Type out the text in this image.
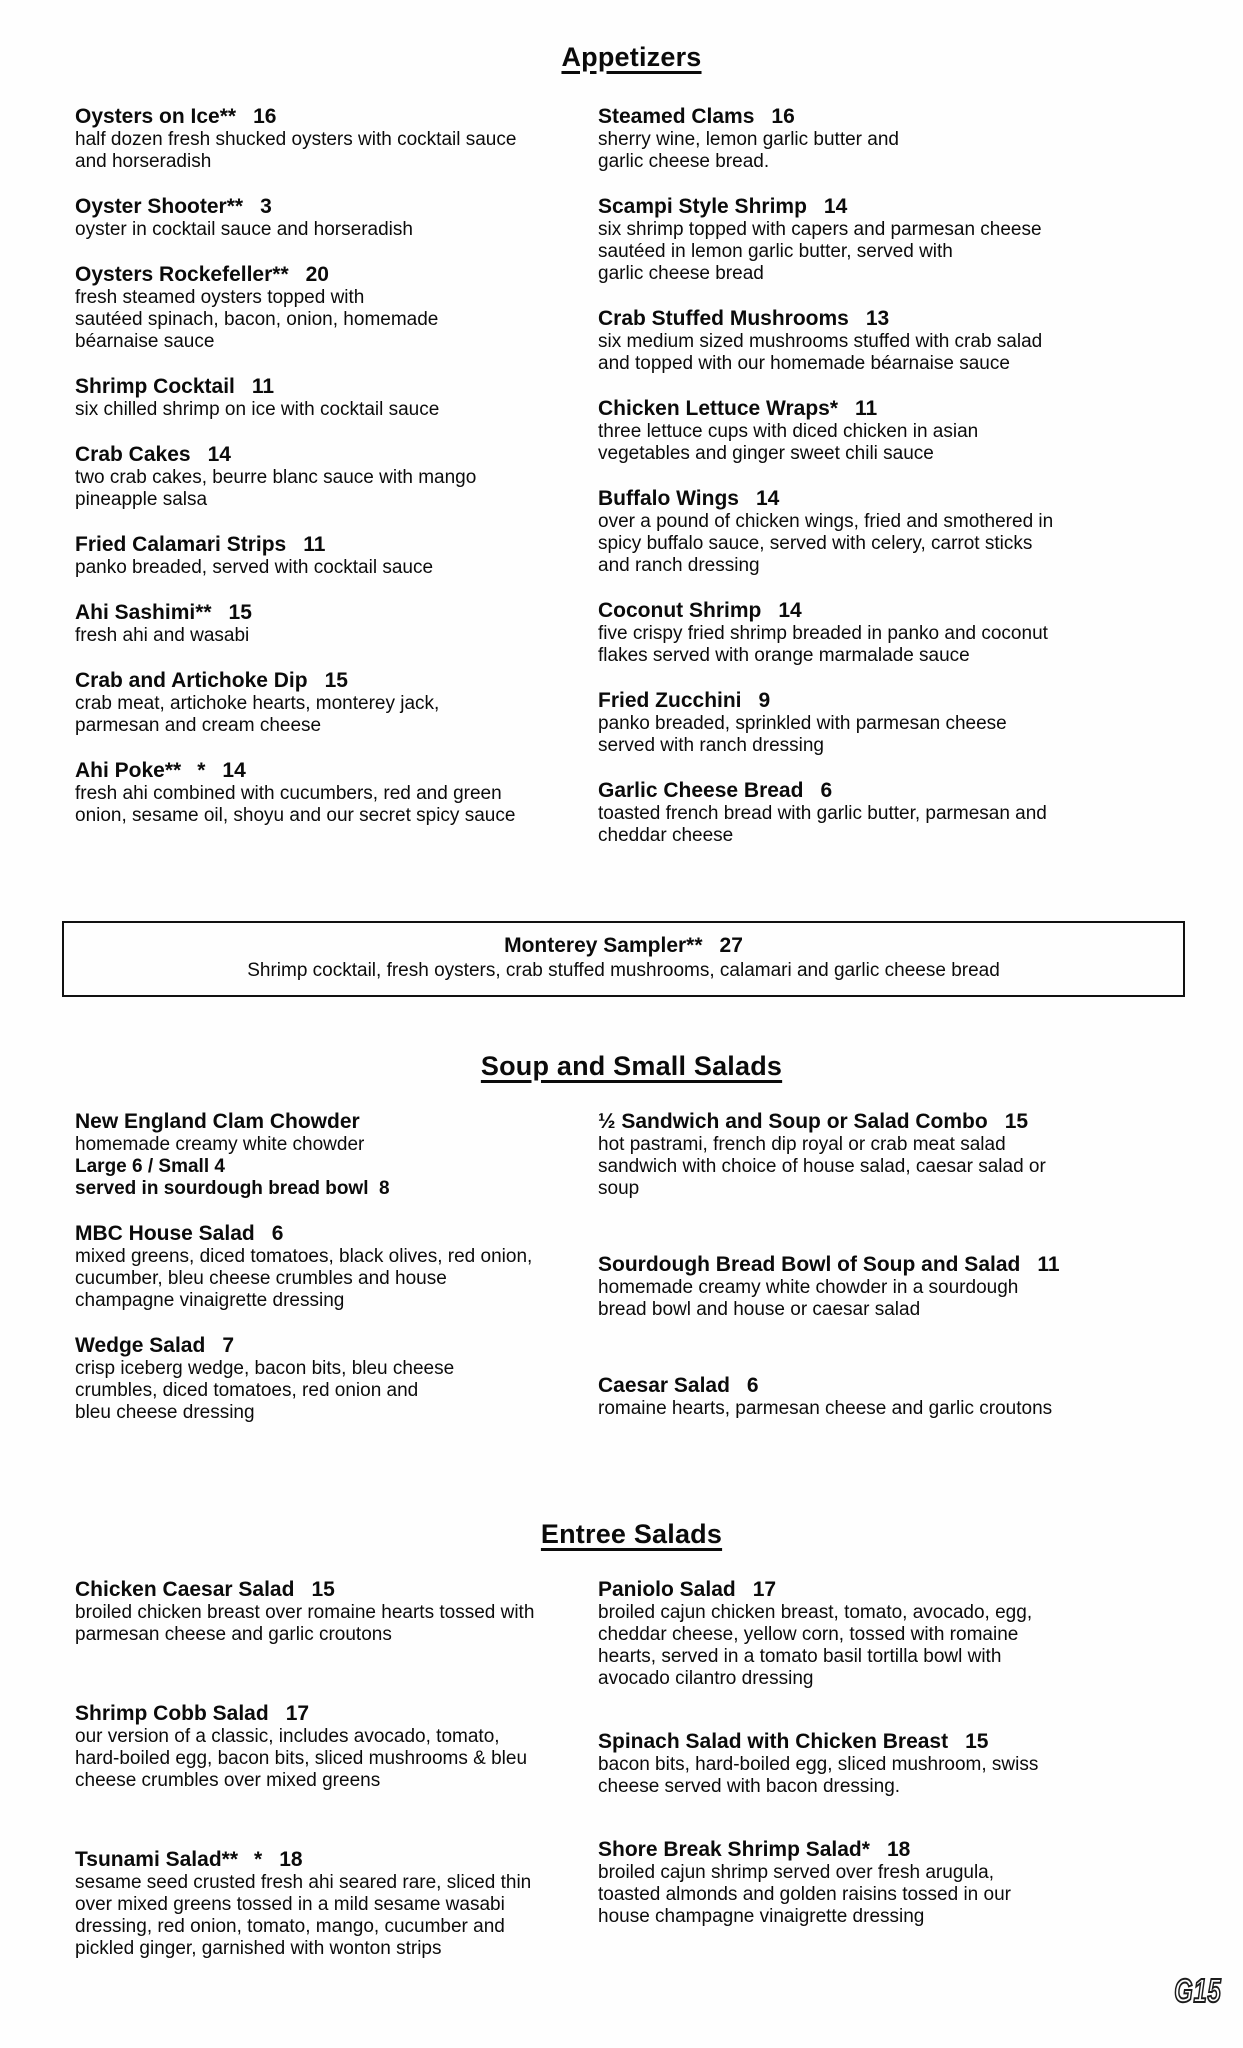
Appetizers
Oysters on Ice** 16
half dozen fresh shucked oysters with cocktail sauce
and horseradish
Oyster Shooter** 3
oyster in cocktail sauce and horseradish
Oysters Rockefeller** 20
fresh steamed oysters topped with
sautéed spinach, bacon, onion, homemade
béarnaise sauce
Shrimp Cocktail 11
six chilled shrimp on ice with cocktail sauce
Crab Cakes 14
two crab cakes, beurre blanc sauce with mango
pineapple salsa
Fried Calamari Strips 11
panko breaded, served with cocktail sauce
Ahi Sashimi** 15
fresh ahi and wasabi
Crab and Artichoke Dip 15
crab meat, artichoke hearts, monterey jack,
parmesan and cream cheese
Ahi Poke** * 14
fresh ahi combined with cucumbers, red and green
onion, sesame oil, shoyu and our secret spicy sauce
Steamed Clams 16
sherry wine, lemon garlic butter and
garlic cheese bread.
Scampi Style Shrimp 14
six shrimp topped with capers and parmesan cheese
sautéed in lemon garlic butter, served with
garlic cheese bread
Crab Stuffed Mushrooms 13
six medium sized mushrooms stuffed with crab salad
and topped with our homemade béarnaise sauce
Chicken Lettuce Wraps* 11
three lettuce cups with diced chicken in asian
vegetables and ginger sweet chili sauce
Buffalo Wings 14
over a pound of chicken wings, fried and smothered in
spicy buffalo sauce, served with celery, carrot sticks
and ranch dressing
Coconut Shrimp 14
five crispy fried shrimp breaded in panko and coconut
flakes served with orange marmalade sauce
Fried Zucchini 9
panko breaded, sprinkled with parmesan cheese
served with ranch dressing
Garlic Cheese Bread 6
toasted french bread with garlic butter, parmesan and
cheddar cheese
Monterey Sampler** 27
Shrimp cocktail, fresh oysters, crab stuffed mushrooms, calamari and garlic cheese bread
Soup and Small Salads
New England Clam Chowder
homemade creamy white chowder
Large 6 / Small 4
served in sourdough bread bowl  8
MBC House Salad 6
mixed greens, diced tomatoes, black olives, red onion,
cucumber, bleu cheese crumbles and house
champagne vinaigrette dressing
Wedge Salad 7
crisp iceberg wedge, bacon bits, bleu cheese
crumbles, diced tomatoes, red onion and
bleu cheese dressing
½ Sandwich and Soup or Salad Combo 15
hot pastrami, french dip royal or crab meat salad
sandwich with choice of house salad, caesar salad or
soup
Sourdough Bread Bowl of Soup and Salad 11
homemade creamy white chowder in a sourdough
bread bowl and house or caesar salad
Caesar Salad 6
romaine hearts, parmesan cheese and garlic croutons
Entree Salads
Chicken Caesar Salad 15
broiled chicken breast over romaine hearts tossed with
parmesan cheese and garlic croutons
Shrimp Cobb Salad 17
our version of a classic, includes avocado, tomato,
hard-boiled egg, bacon bits, sliced mushrooms & bleu
cheese crumbles over mixed greens
Tsunami Salad** * 18
sesame seed crusted fresh ahi seared rare, sliced thin
over mixed greens tossed in a mild sesame wasabi
dressing, red onion, tomato, mango, cucumber and
pickled ginger, garnished with wonton strips
Paniolo Salad 17
broiled cajun chicken breast, tomato, avocado, egg,
cheddar cheese, yellow corn, tossed with romaine
hearts, served in a tomato basil tortilla bowl with
avocado cilantro dressing
Spinach Salad with Chicken Breast 15
bacon bits, hard-boiled egg, sliced mushroom, swiss
cheese served with bacon dressing.
Shore Break Shrimp Salad* 18
broiled cajun shrimp served over fresh arugula,
toasted almonds and golden raisins tossed in our
house champagne vinaigrette dressing
G15
